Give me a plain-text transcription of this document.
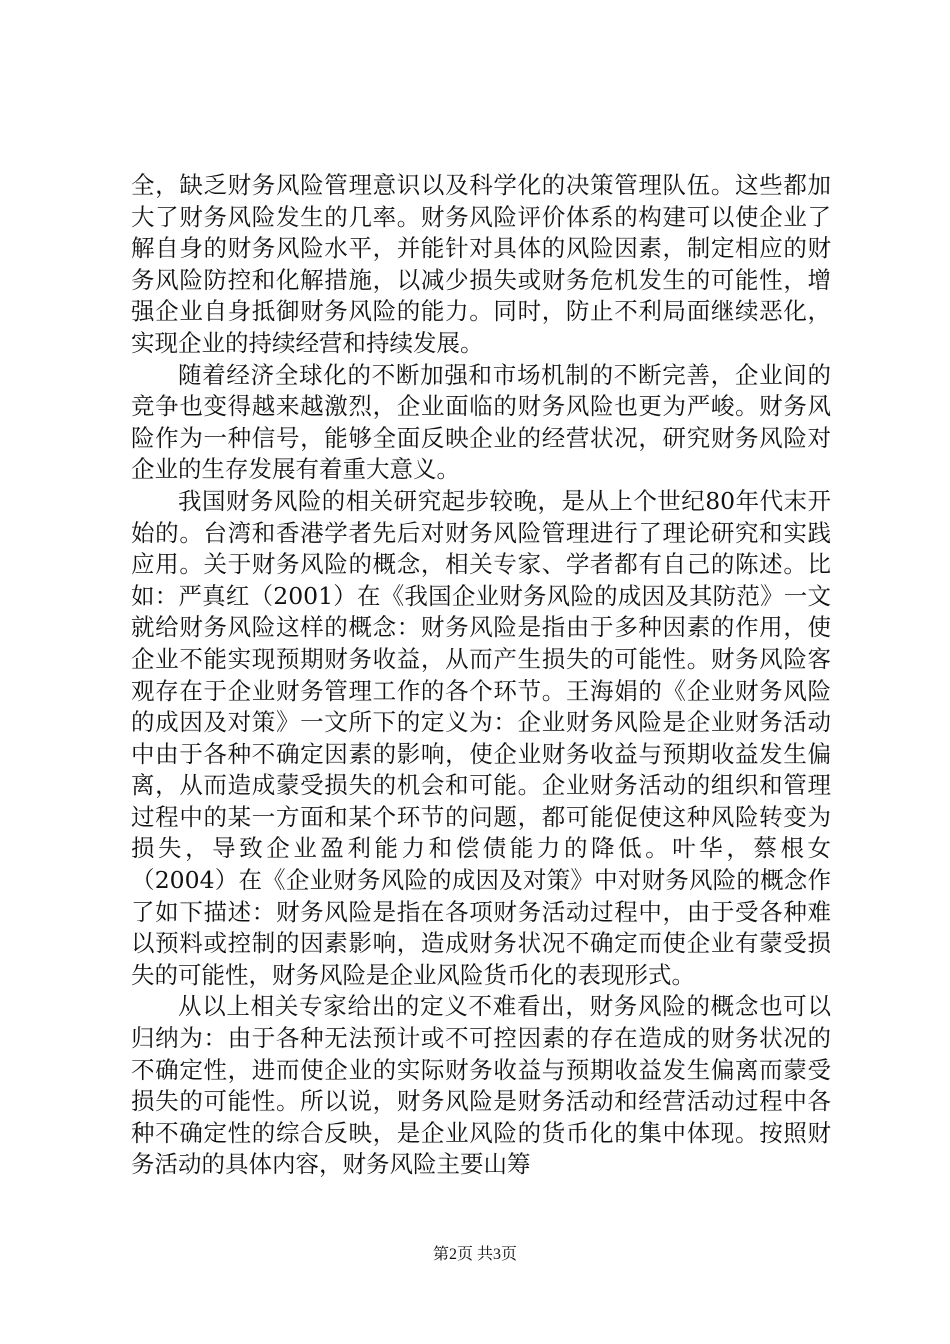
全，缺乏财务风险管理意识以及科学化的决策管理队伍。这些都加大了财务风险发生的几率。财务风险评价体系的构建可以使企业了解自身的财务风险水平，并能针对具体的风险因素，制定相应的财务风险防控和化解措施，以减少损失或财务危机发生的可能性，增强企业自身抵御财务风险的能力。同时，防止不利局面继续恶化，实现企业的持续经营和持续发展。

随着经济全球化的不断加强和市场机制的不断完善，企业间的竞争也变得越来越激烈，企业面临的财务风险也更为严峻。财务风险作为一种信号，能够全面反映企业的经营状况，研究财务风险对企业的生存发展有着重大意义。

我国财务风险的相关研究起步较晚，是从上个世纪80年代末开始的。台湾和香港学者先后对财务风险管理进行了理论研究和实践应用。关于财务风险的概念，相关专家、学者都有自己的陈述。比如：严真红（2001）在《我国企业财务风险的成因及其防范》一文就给财务风险这样的概念：财务风险是指由于多种因素的作用，使企业不能实现预期财务收益，从而产生损失的可能性。财务风险客观存在于企业财务管理工作的各个环节。王海娟的《企业财务风险的成因及对策》一文所下的定义为：企业财务风险是企业财务活动中由于各种不确定因素的影响，使企业财务收益与预期收益发生偏离，从而造成蒙受损失的机会和可能。企业财务活动的组织和管理过程中的某一方面和某个环节的问题，都可能促使这种风险转变为损失，导致企业盈利能力和偿债能力的降低。叶华，蔡根女（2004）在《企业财务风险的成因及对策》中对财务风险的概念作了如下描述：财务风险是指在各项财务活动过程中，由于受各种难以预料或控制的因素影响，造成财务状况不确定而使企业有蒙受损失的可能性，财务风险是企业风险货币化的表现形式。

从以上相关专家给出的定义不难看出，财务风险的概念也可以归纳为：由于各种无法预计或不可控因素的存在造成的财务状况的不确定性，进而使企业的实际财务收益与预期收益发生偏离而蒙受损失的可能性。所以说，财务风险是财务活动和经营活动过程中各种不确定性的综合反映，是企业风险的货币化的集中体现。按照财务活动的具体内容，财务风险主要山筹

第2页 共3页
